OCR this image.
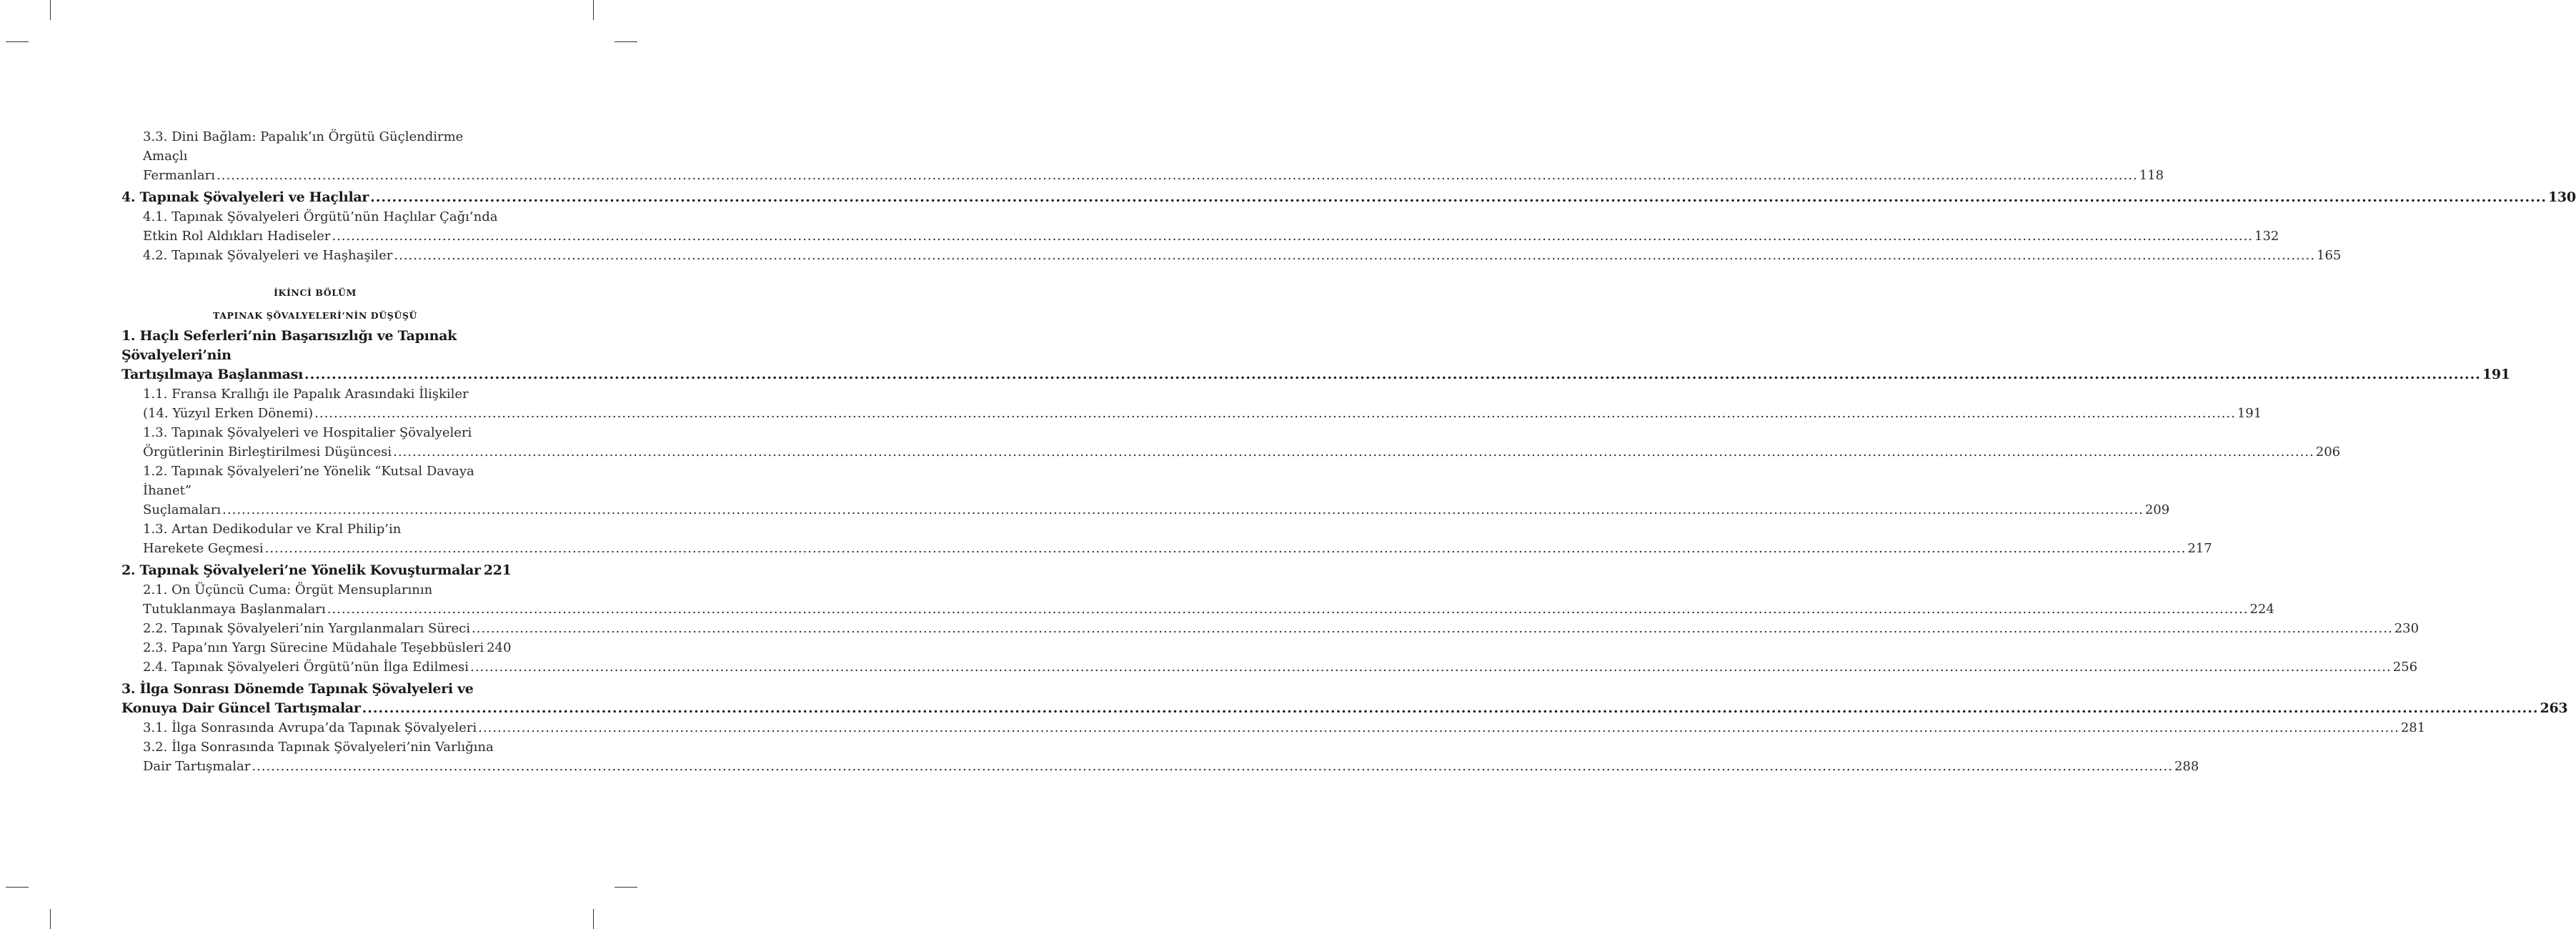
3.3. Dini Bağlam: Papalık’ın Örgütü Güçlendirme Amaçlı
Fermanları ................................................................................................................................................................................................................................................................................................................................................................................................................ 118
4. Tapınak Şövalyeleri ve Haçlılar ................................................................................................................................................................................................................................................................................................................................................................................................................ 130
4.1. Tapınak Şövalyeleri Örgütü’nün Haçlılar Çağı’nda
Etkin Rol Aldıkları Hadiseler ................................................................................................................................................................................................................................................................................................................................................................................................................ 132
4.2. Tapınak Şövalyeleri ve Haşhaşiler ................................................................................................................................................................................................................................................................................................................................................................................................................ 165
İKİNCİ BÖLÜM
TAPINAK ŞÖVALYELERİ’NİN DÜŞÜŞÜ
1. Haçlı Seferleri’nin Başarısızlığı ve Tapınak Şövalyeleri’nin
Tartışılmaya Başlanması ................................................................................................................................................................................................................................................................................................................................................................................................................ 191
1.1. Fransa Krallığı ile Papalık Arasındaki İlişkiler
(14. Yüzyıl Erken Dönemi) ................................................................................................................................................................................................................................................................................................................................................................................................................ 191
1.3. Tapınak Şövalyeleri ve Hospitalier Şövalyeleri
Örgütlerinin Birleştirilmesi Düşüncesi ................................................................................................................................................................................................................................................................................................................................................................................................................ 206
1.2. Tapınak Şövalyeleri’ne Yönelik “Kutsal Davaya İhanet”
Suçlamaları ................................................................................................................................................................................................................................................................................................................................................................................................................ 209
1.3. Artan Dedikodular ve Kral Philip’in
Harekete Geçmesi ................................................................................................................................................................................................................................................................................................................................................................................................................ 217
2. Tapınak Şövalyeleri’ne Yönelik Kovuşturmalar 221
2.1. On Üçüncü Cuma: Örgüt Mensuplarının
Tutuklanmaya Başlanmaları ................................................................................................................................................................................................................................................................................................................................................................................................................ 224
2.2. Tapınak Şövalyeleri’nin Yargılanmaları Süreci ................................................................................................................................................................................................................................................................................................................................................................................................................ 230
2.3. Papa’nın Yargı Sürecine Müdahale Teşebbüsleri 240
2.4. Tapınak Şövalyeleri Örgütü’nün İlga Edilmesi ................................................................................................................................................................................................................................................................................................................................................................................................................ 256
3. İlga Sonrası Dönemde Tapınak Şövalyeleri ve
Konuya Dair Güncel Tartışmalar ................................................................................................................................................................................................................................................................................................................................................................................................................ 263
3.1. İlga Sonrasında Avrupa’da Tapınak Şövalyeleri ................................................................................................................................................................................................................................................................................................................................................................................................................ 281
3.2. İlga Sonrasında Tapınak Şövalyeleri’nin Varlığına
Dair Tartışmalar ................................................................................................................................................................................................................................................................................................................................................................................................................ 288
